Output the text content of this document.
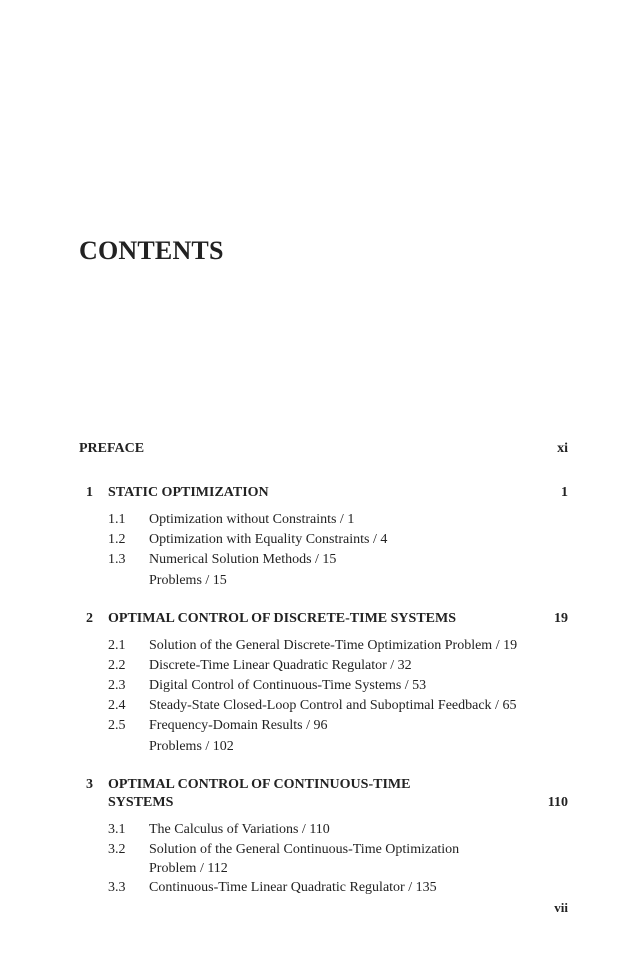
CONTENTS
PREFACE	xi
1 STATIC OPTIMIZATION	1
1.1 Optimization without Constraints / 1
1.2 Optimization with Equality Constraints / 4
1.3 Numerical Solution Methods / 15
Problems / 15
2 OPTIMAL CONTROL OF DISCRETE-TIME SYSTEMS	19
2.1 Solution of the General Discrete-Time Optimization Problem / 19
2.2 Discrete-Time Linear Quadratic Regulator / 32
2.3 Digital Control of Continuous-Time Systems / 53
2.4 Steady-State Closed-Loop Control and Suboptimal Feedback / 65
2.5 Frequency-Domain Results / 96
Problems / 102
3 OPTIMAL CONTROL OF CONTINUOUS-TIME SYSTEMS	110
3.1 The Calculus of Variations / 110
3.2 Solution of the General Continuous-Time Optimization Problem / 112
3.3 Continuous-Time Linear Quadratic Regulator / 135
vii
